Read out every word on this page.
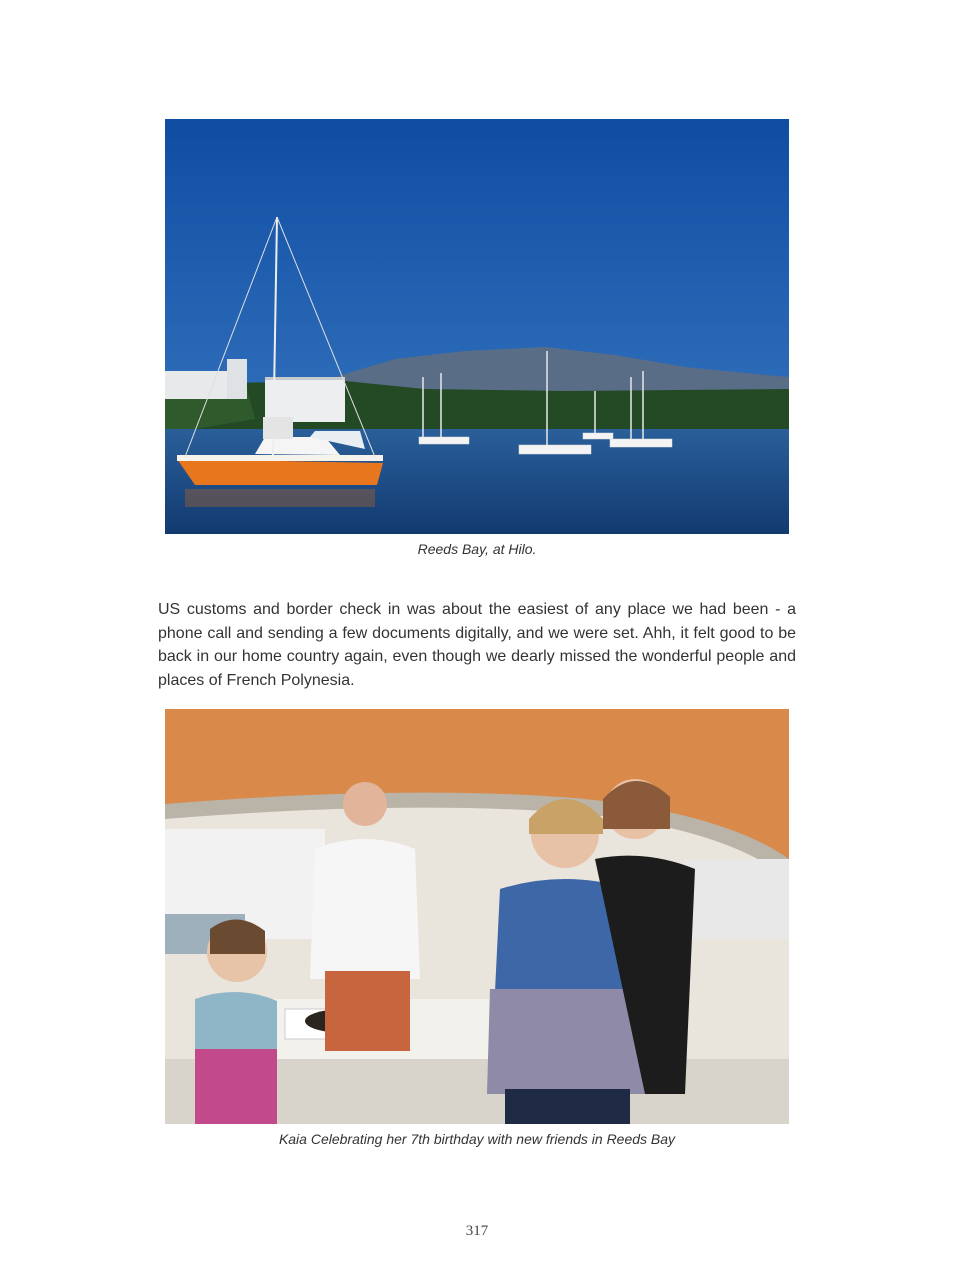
Reeds Bay, at Hilo.

US customs and border check in was about the easiest of any place we had been - a phone call and sending a few documents digitally, and we were set. Ahh, it felt good to be back in our home country again, even though we dearly missed the wonderful people and places of French Polynesia.

Kaia Celebrating her 7th birthday with new friends in Reeds Bay
317
